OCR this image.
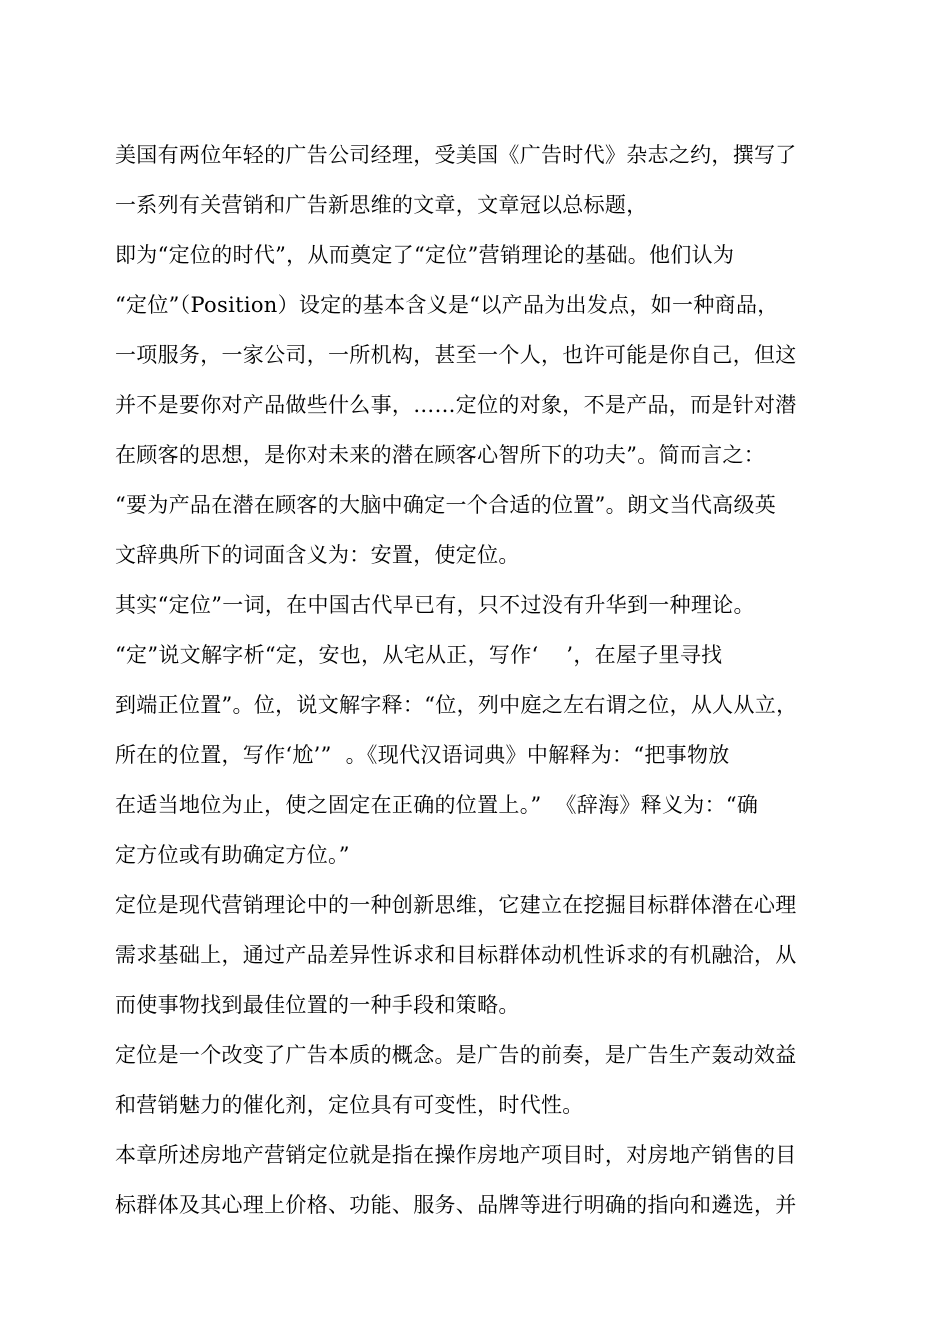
美国有两位年轻的广告公司经理，受美国《广告时代》杂志之约，撰写了
一系列有关营销和广告新思维的文章，文章冠以总标题，
即为“定位的时代”，从而奠定了“定位”营销理论的基础。他们认为
“定位”（Position）设定的基本含义是“以产品为出发点，如一种商品，
一项服务，一家公司，一所机构，甚至一个人，也许可能是你自己，但这
并不是要你对产品做些什么事，……定位的对象，不是产品，而是针对潜
在顾客的思想，是你对未来的潜在顾客心智所下的功夫”。简而言之：
“要为产品在潜在顾客的大脑中确定一个合适的位置”。朗文当代高级英
文辞典所下的词面含义为：安置，使定位。
其实“定位”一词，在中国古代早已有，只不过没有升华到一种理论。
“定”说文解字析“定，安也，从宅从正，写作‘    ’，在屋子里寻找
到端正位置”。位，说文解字释：“位，列中庭之左右谓之位，从人从立，
所在的位置，写作‘尬’”  。《现代汉语词典》中解释为：“把事物放
在适当地位为止，使之固定在正确的位置上。”  《辞海》释义为：“确
定方位或有助确定方位。”
定位是现代营销理论中的一种创新思维，它建立在挖掘目标群体潜在心理
需求基础上，通过产品差异性诉求和目标群体动机性诉求的有机融洽，从
而使事物找到最佳位置的一种手段和策略。
定位是一个改变了广告本质的概念。是广告的前奏，是广告生产轰动效益
和营销魅力的催化剂，定位具有可变性，时代性。
本章所述房地产营销定位就是指在操作房地产项目时，对房地产销售的目
标群体及其心理上价格、功能、服务、品牌等进行明确的指向和遴选，并
